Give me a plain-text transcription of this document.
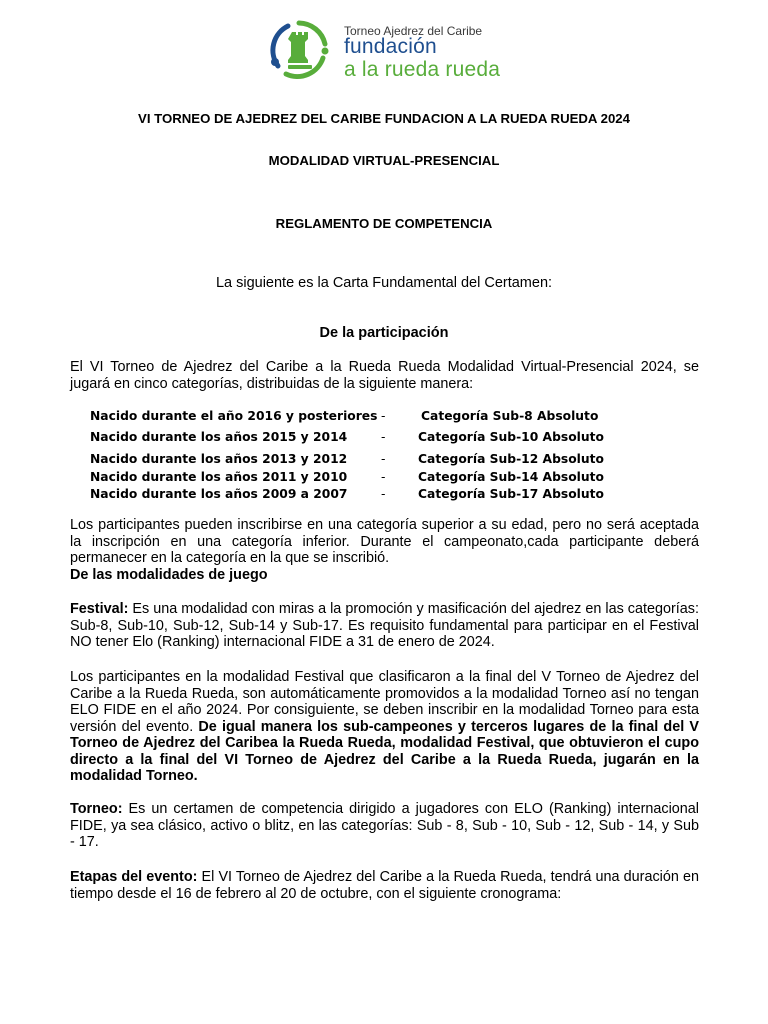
Torneo Ajedrez del Caribe
fundación
a la rueda rueda
VI TORNEO DE AJEDREZ DEL CARIBE FUNDACION A LA RUEDA RUEDA 2024
MODALIDAD VIRTUAL-PRESENCIAL
REGLAMENTO DE COMPETENCIA
La siguiente es la Carta Fundamental del Certamen:
De la participación

El VI Torneo de Ajedrez del Caribe a la Rueda Rueda Modalidad Virtual-Presencial 2024, se jugará en cinco categorías, distribuidas de la siguiente manera:

Nacido durante el año 2016 y posteriores -	Categoría Sub-8 Absoluto
Nacido durante los años 2015 y 2014	-	Categoría Sub-10 Absoluto
Nacido durante los años 2013 y 2012	-	Categoría Sub-12 Absoluto
Nacido durante los años 2011 y 2010	-	Categoría Sub-14 Absoluto
Nacido durante los años 2009 a 2007	-	Categoría Sub-17 Absoluto

Los participantes pueden inscribirse en una categoría superior a su edad, pero no será aceptada la inscripción en una categoría inferior. Durante el campeonato,cada participante deberá permanecer en la categoría en la que se inscribió.

De las modalidades de juego

Festival: Es una modalidad con miras a la promoción y masificación del ajedrez en las categorías: Sub-8, Sub-10, Sub-12, Sub-14 y Sub-17. Es requisito fundamental para participar en el Festival NO tener Elo (Ranking) internacional FIDE a 31 de enero de 2024.

Los participantes en la modalidad Festival que clasificaron a la final del V Torneo de Ajedrez del Caribe a la Rueda Rueda, son automáticamente promovidos a la modalidad Torneo así no tengan ELO FIDE en el año 2024. Por consiguiente, se deben inscribir en la modalidad Torneo para esta versión del evento. De igual manera los sub-campeones y terceros lugares de la final del V Torneo de Ajedrez del Caribea la Rueda Rueda, modalidad Festival, que obtuvieron el cupo directo a la final del VI Torneo de Ajedrez del Caribe a la Rueda Rueda, jugarán en la modalidad Torneo.

Torneo: Es un certamen de competencia dirigido a jugadores con ELO (Ranking) internacional FIDE, ya sea clásico, activo o blitz, en las categorías: Sub - 8, Sub - 10, Sub - 12, Sub - 14, y Sub - 17.

Etapas del evento: El VI Torneo de Ajedrez del Caribe a la Rueda Rueda, tendrá una duración en tiempo desde el 16 de febrero al 20 de octubre, con el siguiente cronograma:
